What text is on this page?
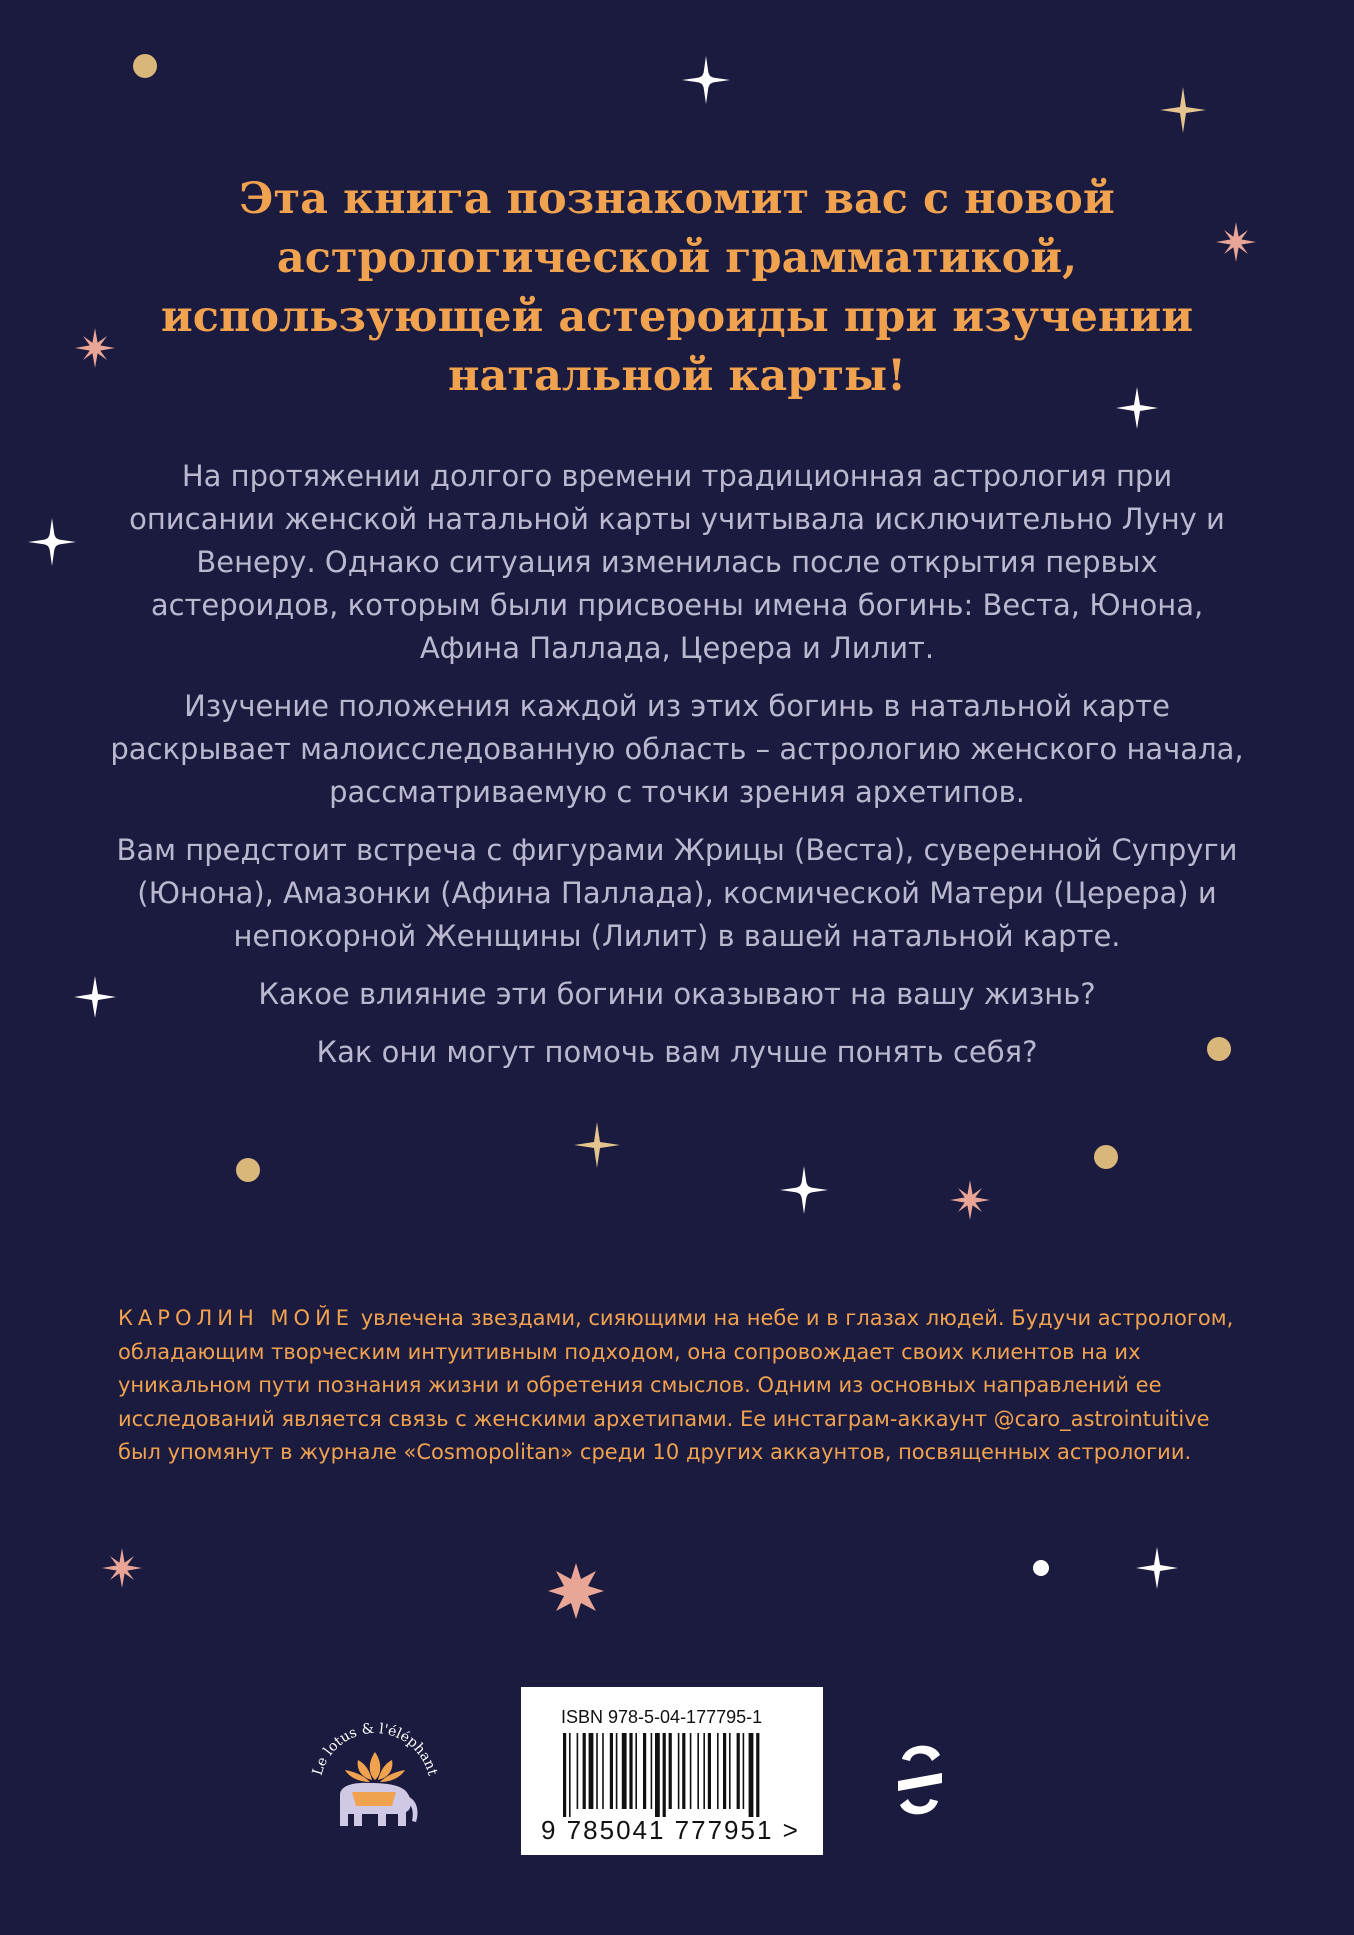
Эта книга познакомит вас с новой астрологической грамматикой, использующей астероиды при изучении натальной карты!

На протяжении долгого времени традиционная астрология при описании женской натальной карты учитывала исключительно Луну и Венеру. Однако ситуация изменилась после открытия первых астероидов, которым были присвоены имена богинь: Веста, Юнона, Афина Паллада, Церера и Лилит.

Изучение положения каждой из этих богинь в натальной карте раскрывает малоисследованную область – астрологию женского начала, рассматриваемую с точки зрения архетипов.

Вам предстоит встреча с фигурами Жрицы (Веста), суверенной Супруги (Юнона), Амазонки (Афина Паллада), космической Матери (Церера) и непокорной Женщины (Лилит) в вашей натальной карте.

Какое влияние эти богини оказывают на вашу жизнь?

Как они могут помочь вам лучше понять себя?

КАРОЛИН МОЙЕ увлечена звездами, сияющими на небе и в глазах людей. Будучи астрологом, обладающим творческим интуитивным подходом, она сопровождает своих клиентов на их уникальном пути познания жизни и обретения смыслов. Одним из основных направлений ее исследований является связь с женскими архетипами. Ее инстаграм-аккаунт @caro_astrointuitive был упомянут в журнале «Cosmopolitan» среди 10 других аккаунтов, посвященных астрологии.

Le lotus & l'éléphant
ISBN 978-5-04-177795-1
9 785041 777951 >
